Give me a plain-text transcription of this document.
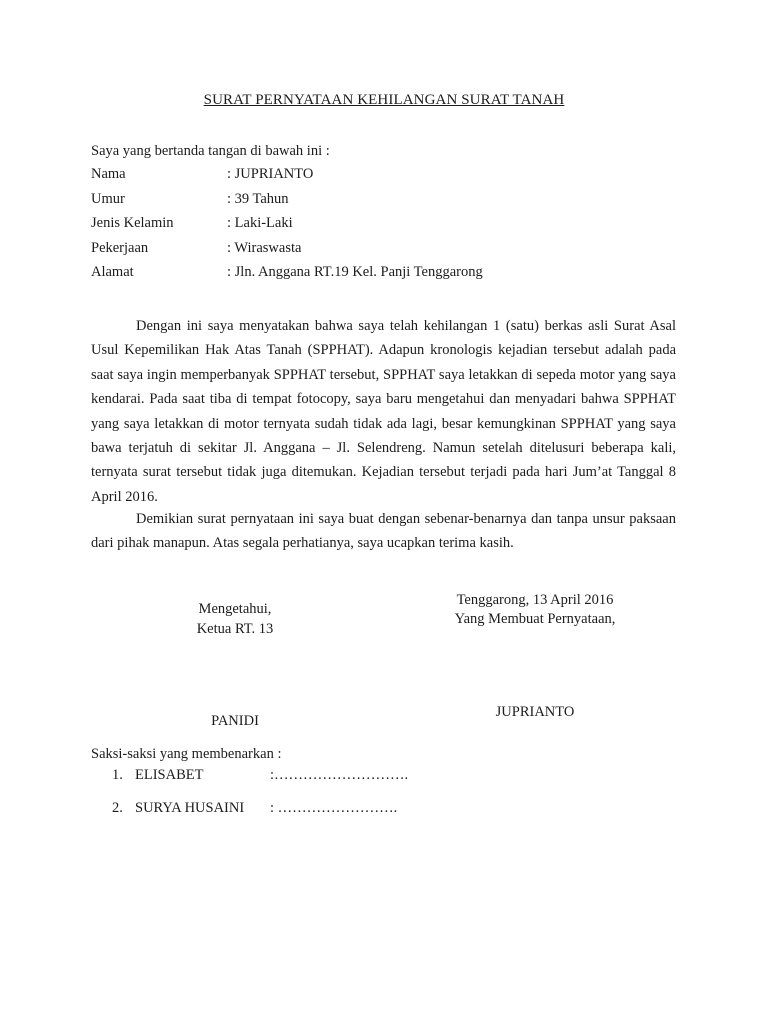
SURAT PERNYATAAN KEHILANGAN SURAT TANAH
Saya yang bertanda tangan di bawah ini :
Nama	: JUPRIANTO
Umur	: 39 Tahun
Jenis Kelamin	: Laki-Laki
Pekerjaan	: Wiraswasta
Alamat	: Jln. Anggana RT.19 Kel. Panji Tenggarong
Dengan ini saya menyatakan bahwa saya telah kehilangan 1 (satu) berkas asli Surat Asal Usul Kepemilikan Hak Atas Tanah (SPPHAT). Adapun kronologis kejadian tersebut adalah pada saat saya ingin memperbanyak SPPHAT tersebut, SPPHAT saya letakkan di sepeda motor yang saya kendarai. Pada saat tiba di tempat fotocopy, saya baru mengetahui dan menyadari bahwa SPPHAT yang saya letakkan di motor ternyata sudah tidak ada lagi, besar kemungkinan SPPHAT yang saya bawa terjatuh di sekitar Jl. Anggana – Jl. Selendreng. Namun setelah ditelusuri beberapa kali, ternyata surat tersebut tidak juga ditemukan. Kejadian tersebut terjadi pada hari Jum’at Tanggal 8 April 2016.
Demikian surat pernyataan ini saya buat dengan sebenar-benarnya dan tanpa unsur paksaan dari pihak manapun. Atas segala perhatianya, saya ucapkan terima kasih.
Mengetahui,
Ketua RT. 13
PANIDI
Tenggarong, 13 April 2016
Yang Membuat Pernyataan,
JUPRIANTO
Saksi-saksi yang membenarkan :
1. ELISABET	:……………………….
2. SURYA HUSAINI : …………………….
